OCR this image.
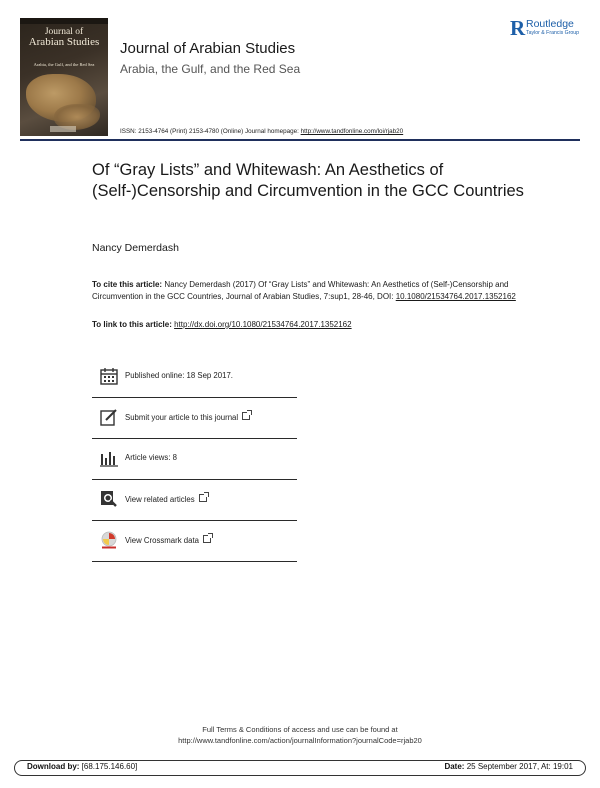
Journal of
Arabian Studies
Arabia, the Gulf, and the Red Sea
Journal of Arabian Studies
Arabia, the Gulf, and the Red Sea
R Routledge
Taylor & Francis Group
ISSN: 2153-4764 (Print) 2153-4780 (Online) Journal homepage: http://www.tandfonline.com/loi/rjab20
Of “Gray Lists” and Whitewash: An Aesthetics of (Self-)Censorship and Circumvention in the GCC Countries
Nancy Demerdash
To cite this article: Nancy Demerdash (2017) Of “Gray Lists” and Whitewash: An Aesthetics of (Self-)Censorship and Circumvention in the GCC Countries, Journal of Arabian Studies, 7:sup1, 28-46, DOI: 10.1080/21534764.2017.1352162
To link to this article: http://dx.doi.org/10.1080/21534764.2017.1352162
Published online: 18 Sep 2017.
Submit your article to this journal
Article views: 8
View related articles
View Crossmark data
Full Terms & Conditions of access and use can be found at
http://www.tandfonline.com/action/journalInformation?journalCode=rjab20
Download by: [68.175.146.60]	Date: 25 September 2017, At: 19:01
